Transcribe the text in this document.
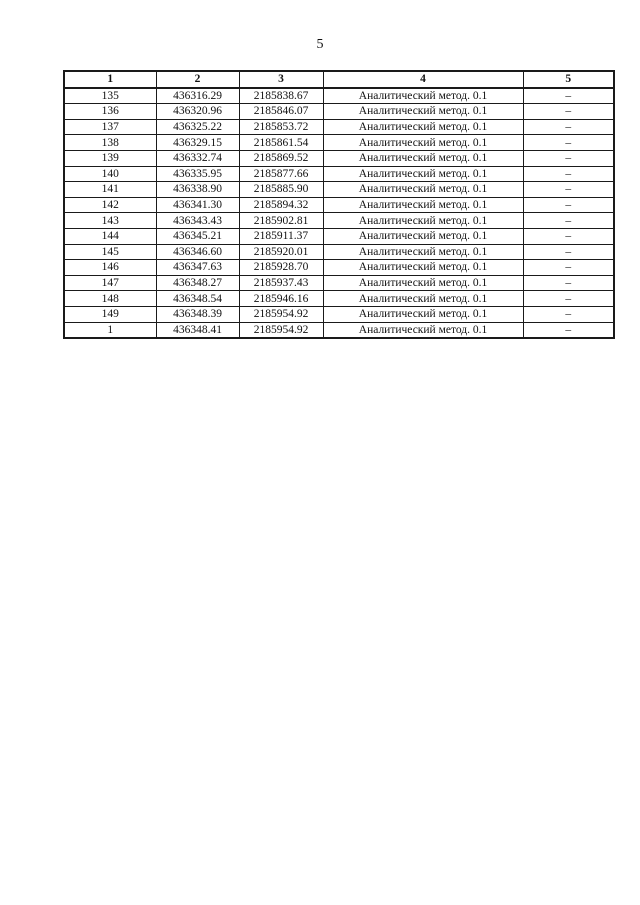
5
1	2	3	4	5
135	436316.29	2185838.67	Аналитический метод. 0.1	–
136	436320.96	2185846.07	Аналитический метод. 0.1	–
137	436325.22	2185853.72	Аналитический метод. 0.1	–
138	436329.15	2185861.54	Аналитический метод. 0.1	–
139	436332.74	2185869.52	Аналитический метод. 0.1	–
140	436335.95	2185877.66	Аналитический метод. 0.1	–
141	436338.90	2185885.90	Аналитический метод. 0.1	–
142	436341.30	2185894.32	Аналитический метод. 0.1	–
143	436343.43	2185902.81	Аналитический метод. 0.1	–
144	436345.21	2185911.37	Аналитический метод. 0.1	–
145	436346.60	2185920.01	Аналитический метод. 0.1	–
146	436347.63	2185928.70	Аналитический метод. 0.1	–
147	436348.27	2185937.43	Аналитический метод. 0.1	–
148	436348.54	2185946.16	Аналитический метод. 0.1	–
149	436348.39	2185954.92	Аналитический метод. 0.1	–
1	436348.41	2185954.92	Аналитический метод. 0.1	–
